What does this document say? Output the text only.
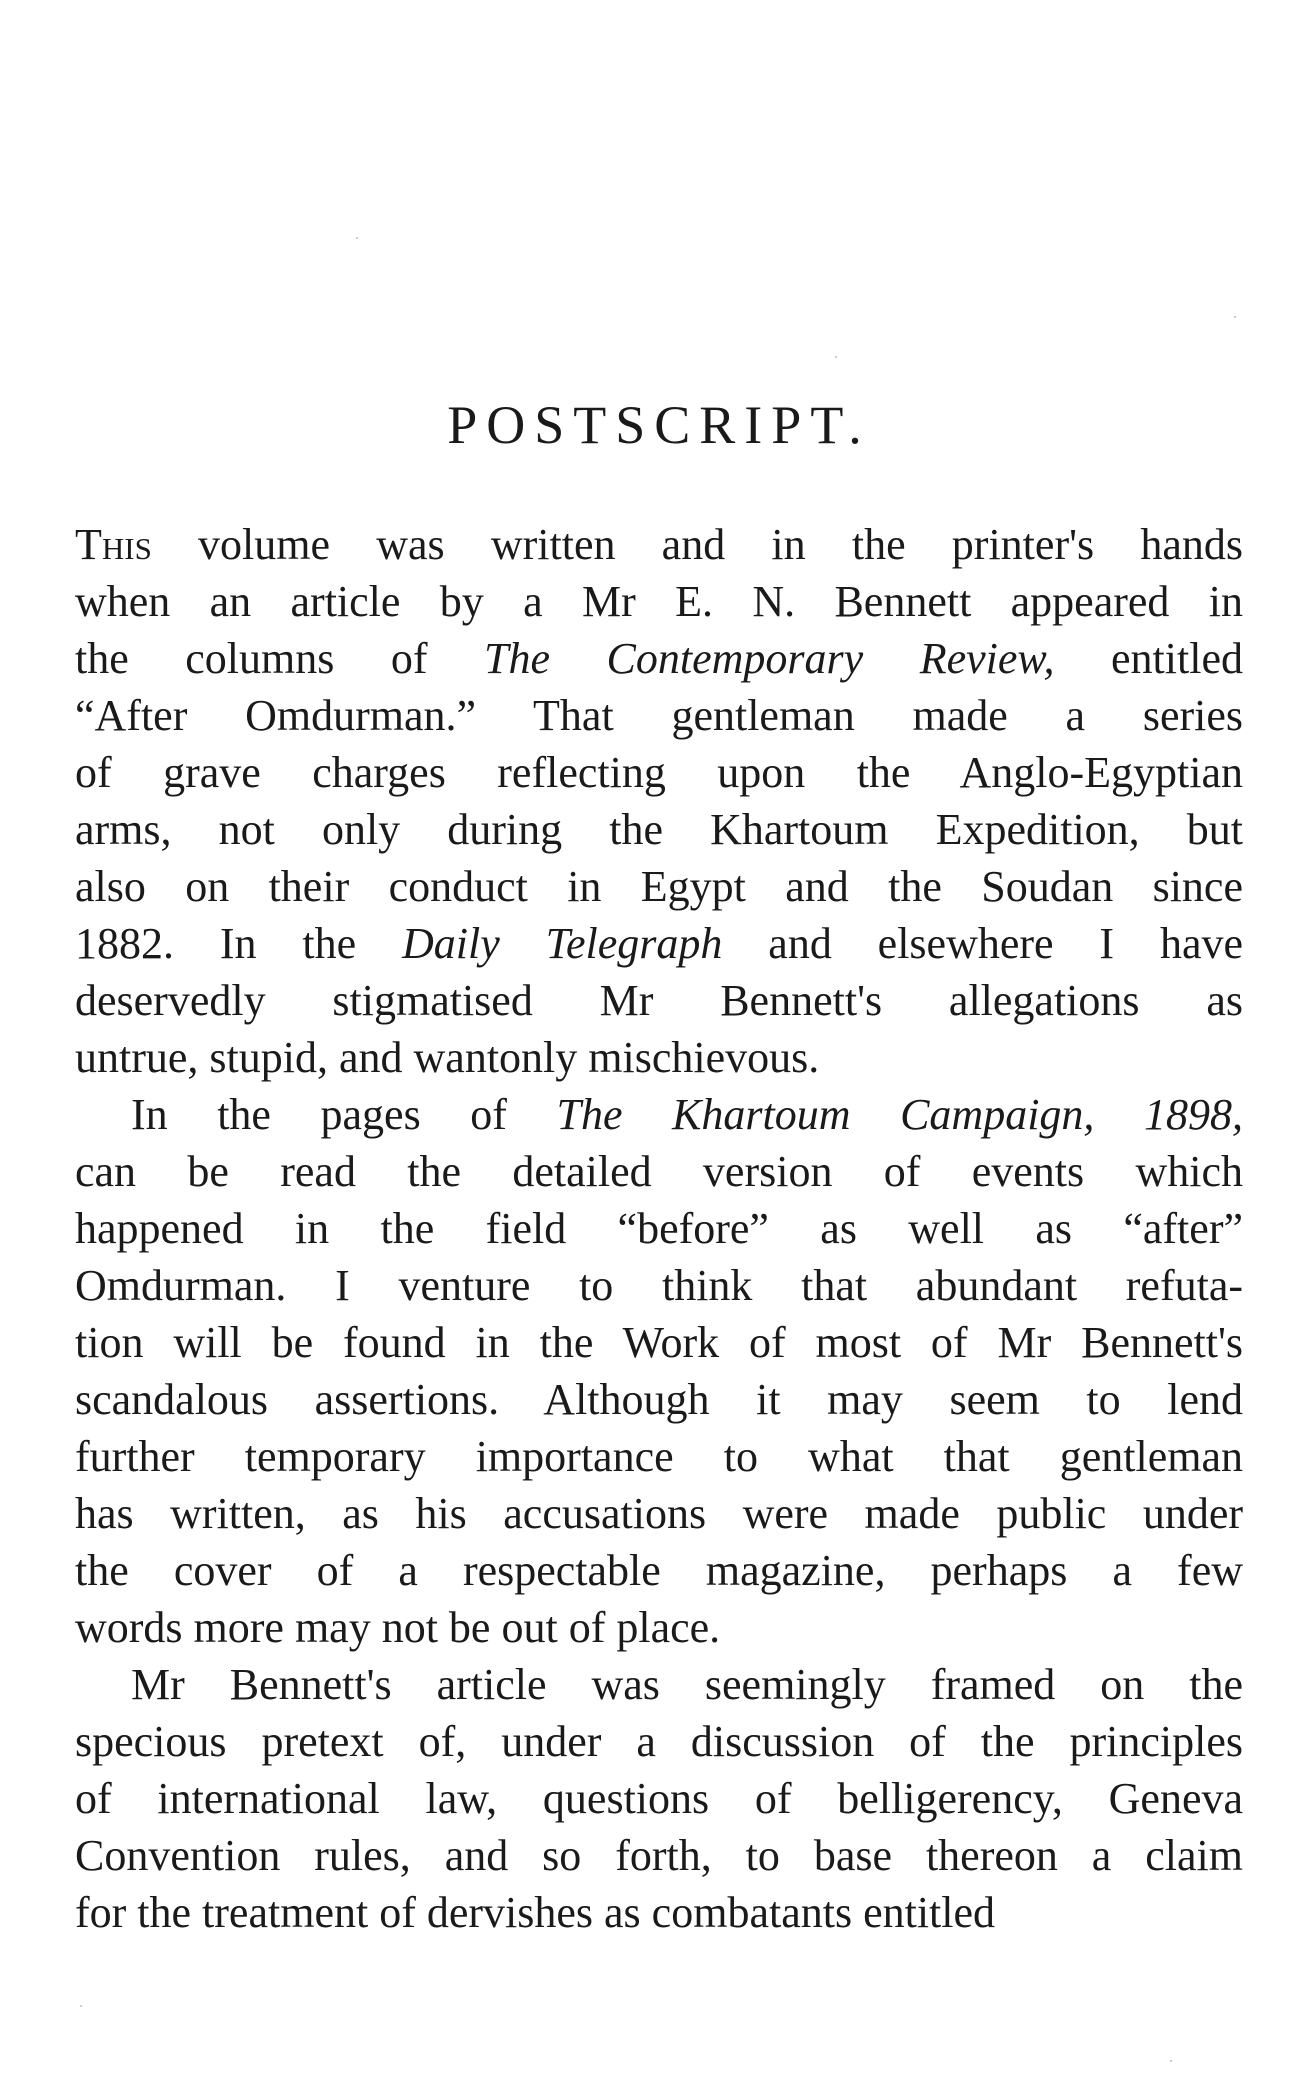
POSTSCRIPT.
This volume was written and in the printer's hands
when an article by a Mr E. N. Bennett appeared in
the columns of The Contemporary Review, entitled
“After Omdurman.” That gentleman made a series
of grave charges reflecting upon the Anglo-Egyptian
arms, not only during the Khartoum Expedition, but
also on their conduct in Egypt and the Soudan since
1882. In the Daily Telegraph and elsewhere I have
deservedly stigmatised Mr Bennett's allegations as
untrue, stupid, and wantonly mischievous.
In the pages of The Khartoum Campaign, 1898,
can be read the detailed version of events which
happened in the field “before” as well as “after”
Omdurman. I venture to think that abundant refuta-
tion will be found in the Work of most of Mr Bennett's
scandalous assertions. Although it may seem to lend
further temporary importance to what that gentleman
has written, as his accusations were made public under
the cover of a respectable magazine, perhaps a few
words more may not be out of place.
Mr Bennett's article was seemingly framed on the
specious pretext of, under a discussion of the principles
of international law, questions of belligerency, Geneva
Convention rules, and so forth, to base thereon a claim
for the treatment of dervishes as combatants entitled
